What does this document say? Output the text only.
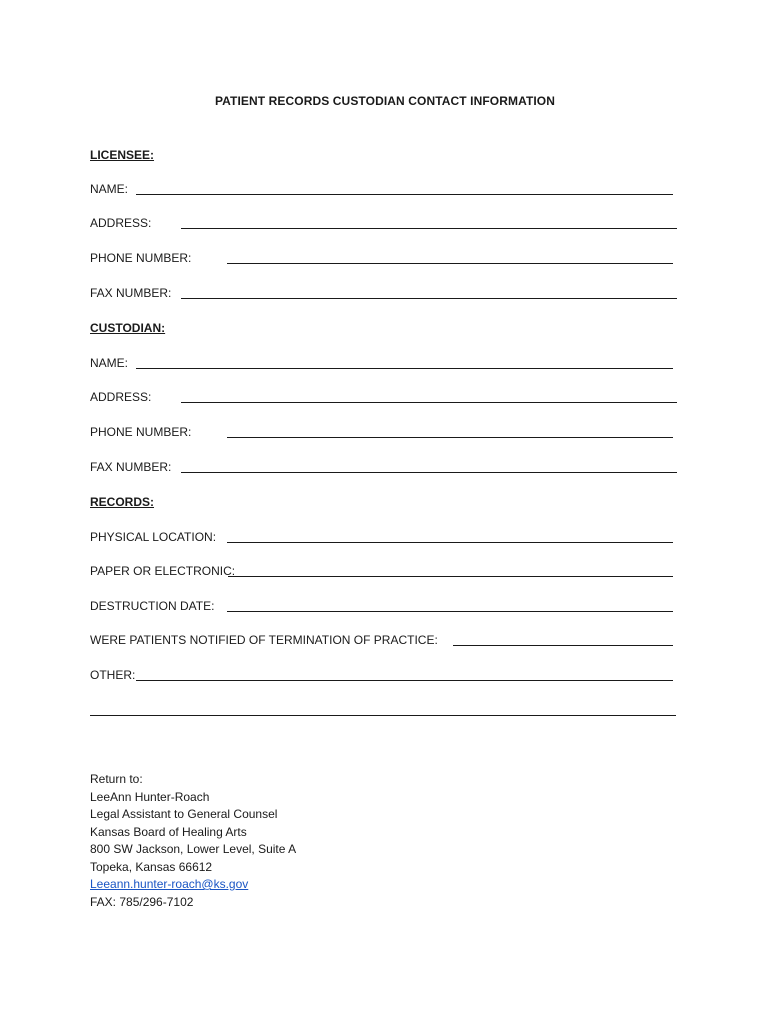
PATIENT RECORDS CUSTODIAN CONTACT INFORMATION
LICENSEE:
NAME:
ADDRESS:
PHONE NUMBER:
FAX NUMBER:
CUSTODIAN:
NAME:
ADDRESS:
PHONE NUMBER:
FAX NUMBER:
RECORDS:
PHYSICAL LOCATION:
PAPER OR ELECTRONIC:
DESTRUCTION DATE:
WERE PATIENTS NOTIFIED OF TERMINATION OF PRACTICE:
OTHER:
Return to:
LeeAnn Hunter-Roach
Legal Assistant to General Counsel
Kansas Board of Healing Arts
800 SW Jackson, Lower Level, Suite A
Topeka, Kansas 66612
Leeann.hunter-roach@ks.gov
FAX: 785/296-7102
